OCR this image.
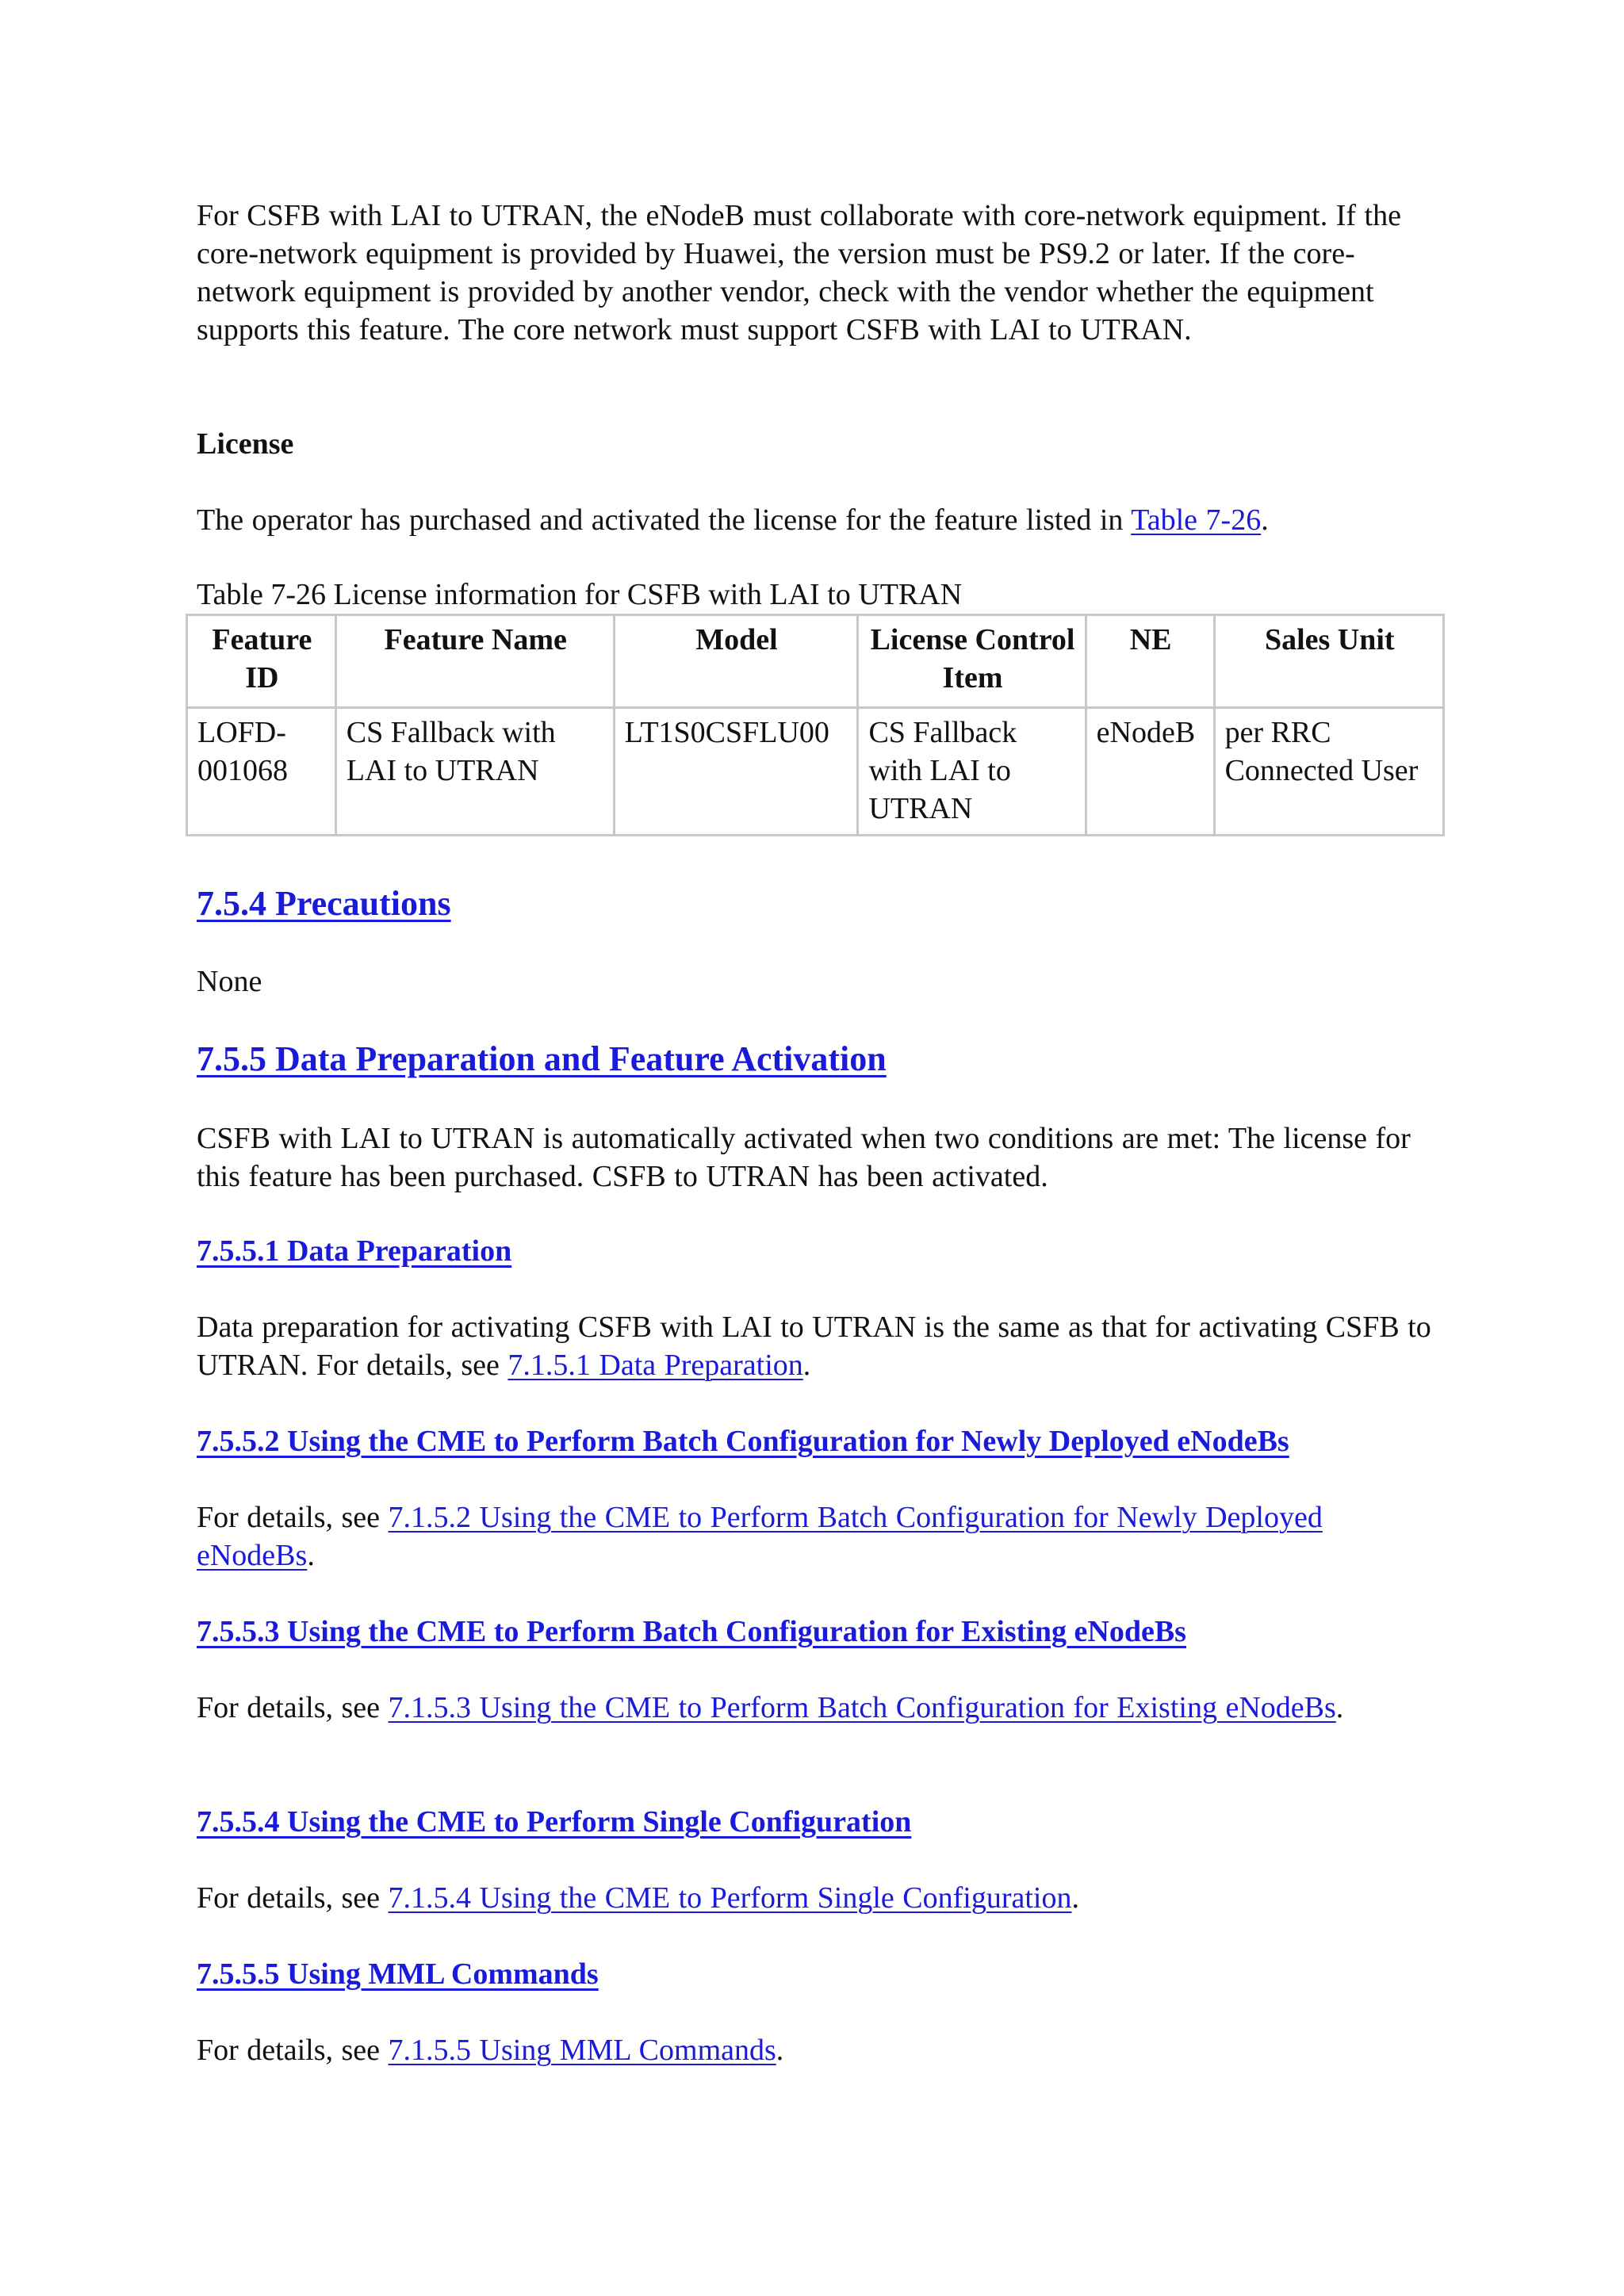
For CSFB with LAI to UTRAN, the eNodeB must collaborate with core-network equipment. If the core-network equipment is provided by Huawei, the version must be PS9.2 or later. If the core-network equipment is provided by another vendor, check with the vendor whether the equipment supports this feature. The core network must support CSFB with LAI to UTRAN.

License

The operator has purchased and activated the license for the feature listed in Table 7-26.

Table 7-26 License information for CSFB with LAI to UTRAN
Feature ID	Feature Name	Model	License Control Item	NE	Sales Unit
LOFD-001068	CS Fallback with LAI to UTRAN	LT1S0CSFLU00	CS Fallback with LAI to UTRAN	eNodeB	per RRC Connected User
7.5.4 Precautions

None

7.5.5 Data Preparation and Feature Activation

CSFB with LAI to UTRAN is automatically activated when two conditions are met: The license for this feature has been purchased. CSFB to UTRAN has been activated.

7.5.5.1 Data Preparation

Data preparation for activating CSFB with LAI to UTRAN is the same as that for activating CSFB to UTRAN. For details, see 7.1.5.1 Data Preparation.

7.5.5.2 Using the CME to Perform Batch Configuration for Newly Deployed eNodeBs

For details, see 7.1.5.2 Using the CME to Perform Batch Configuration for Newly Deployed eNodeBs.

7.5.5.3 Using the CME to Perform Batch Configuration for Existing eNodeBs

For details, see 7.1.5.3 Using the CME to Perform Batch Configuration for Existing eNodeBs.

7.5.5.4 Using the CME to Perform Single Configuration

For details, see 7.1.5.4 Using the CME to Perform Single Configuration.

7.5.5.5 Using MML Commands

For details, see 7.1.5.5 Using MML Commands.
